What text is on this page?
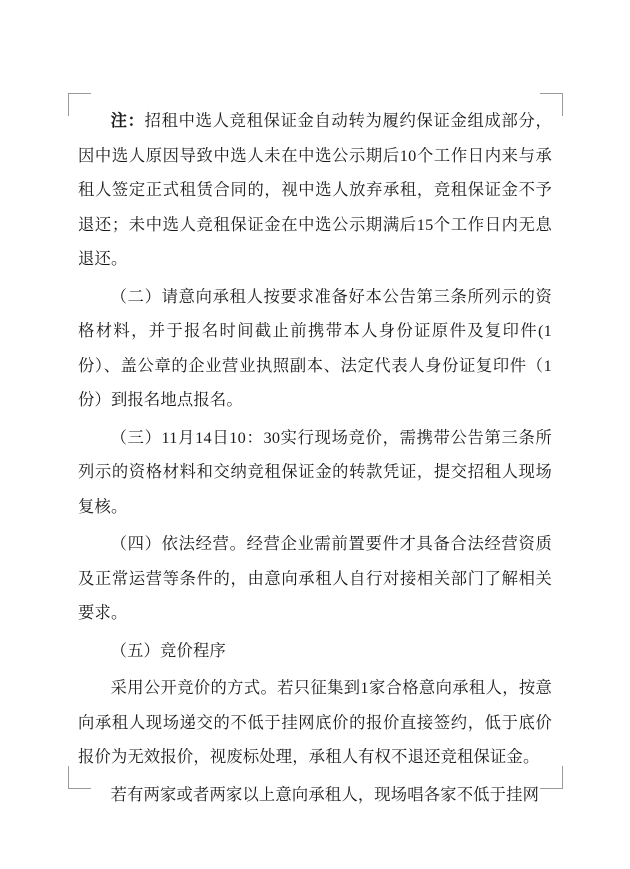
注：招租中选人竞租保证金自动转为履约保证金组成部分，因中选人原因导致中选人未在中选公示期后10个工作日内来与承租人签定正式租赁合同的，视中选人放弃承租，竞租保证金不予退还；未中选人竞租保证金在中选公示期满后15个工作日内无息退还。

（二）请意向承租人按要求准备好本公告第三条所列示的资格材料，并于报名时间截止前携带本人身份证原件及复印件(1份）、盖公章的企业营业执照副本、法定代表人身份证复印件（1份）到报名地点报名。

（三）11月14日10：30实行现场竞价，需携带公告第三条所列示的资格材料和交纳竞租保证金的转款凭证，提交招租人现场复核。

（四）依法经营。经营企业需前置要件才具备合法经营资质及正常运营等条件的，由意向承租人自行对接相关部门了解相关要求。

（五）竞价程序

采用公开竞价的方式。若只征集到1家合格意向承租人，按意向承租人现场递交的不低于挂网底价的报价直接签约，低于底价报价为无效报价，视废标处理，承租人有权不退还竞租保证金。

若有两家或者两家以上意向承租人，现场唱各家不低于挂网
